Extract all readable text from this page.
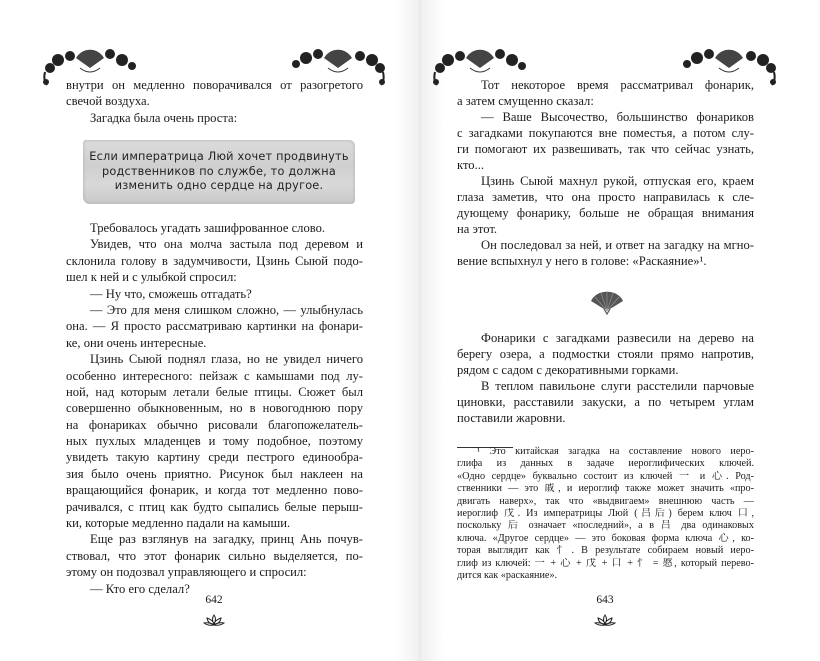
внутри он медленно поворачивался от разогретого
свечой воздуха.
Загадка была очень проста:
Если императрица Люй хочет продвинуть
родственников по службе, то должна
изменить одно сердце на другое.
Требовалось угадать зашифрованное слово.
Увидев, что она молча застыла под деревом и
склонила голову в задумчивости, Цзинь Сыюй подо-
шел к ней и с улыбкой спросил:
— Ну что, сможешь отгадать?
— Это для меня слишком сложно, — улыбнулась
она. — Я просто рассматриваю картинки на фонари-
ке, они очень интересные.
Цзинь Сыюй поднял глаза, но не увидел ничего
особенно интересного: пейзаж с камышами под лу-
ной, над которым летали белые птицы. Сюжет был
совершенно обыкновенным, но в новогоднюю пору
на фонариках обычно рисовали благопожелатель-
ных пухлых младенцев и тому подобное, поэтому
увидеть такую картину среди пестрого единообра-
зия было очень приятно. Рисунок был наклеен на
вращающийся фонарик, и когда тот медленно пово-
рачивался, с птиц как будто сыпались белые перыш-
ки, которые медленно падали на камыши.
Еще раз взглянув на загадку, принц Ань почув-
ствовал, что этот фонарик сильно выделяется, по-
этому он подозвал управляющего и спросил:
— Кто его сделал?
642
Тот некоторое время рассматривал фонарик,
а затем смущенно сказал:
— Ваше Высочество, большинство фонариков
с загадками покупаются вне поместья, а потом слу-
ги помогают их развешивать, так что сейчас узнать,
кто...
Цзинь Сыюй махнул рукой, отпуская его, краем
глаза заметив, что она просто направилась к сле-
дующему фонарику, больше не обращая внимания
на этот.
Он последовал за ней, и ответ на загадку на мгно-
вение вспыхнул у него в голове: «Раскаяние»¹.
Фонарики с загадками развесили на дерево на
берегу озера, а подмостки стояли прямо напротив,
рядом с садом с декоративными горками.
В теплом павильоне слуги расстелили парчовые
циновки, расставили закуски, а по четырем углам
поставили жаровни.
¹ Это китайская загадка на составление нового иеро-
глифа из данных в задаче иероглифических ключей.
«Одно сердце» буквально состоит из ключей 一 и 心. Род-
ственники — это 戚, и иероглиф также может значить «про-
двигать наверх», так что «выдвигаем» внешнюю часть —
иероглиф 戊. Из императрицы Люй (吕后) берем ключ 口,
поскольку 后 означает «последний», а в 吕 два одинаковых
ключа. «Другое сердце» — это боковая форма ключа 心, ко-
торая выглядит как 忄. В результате собираем новый иеро-
глиф из ключей: 一 + 心 + 戊 + 口 + 忄 = 慼, который перево-
дится как «раскаяние».
643
